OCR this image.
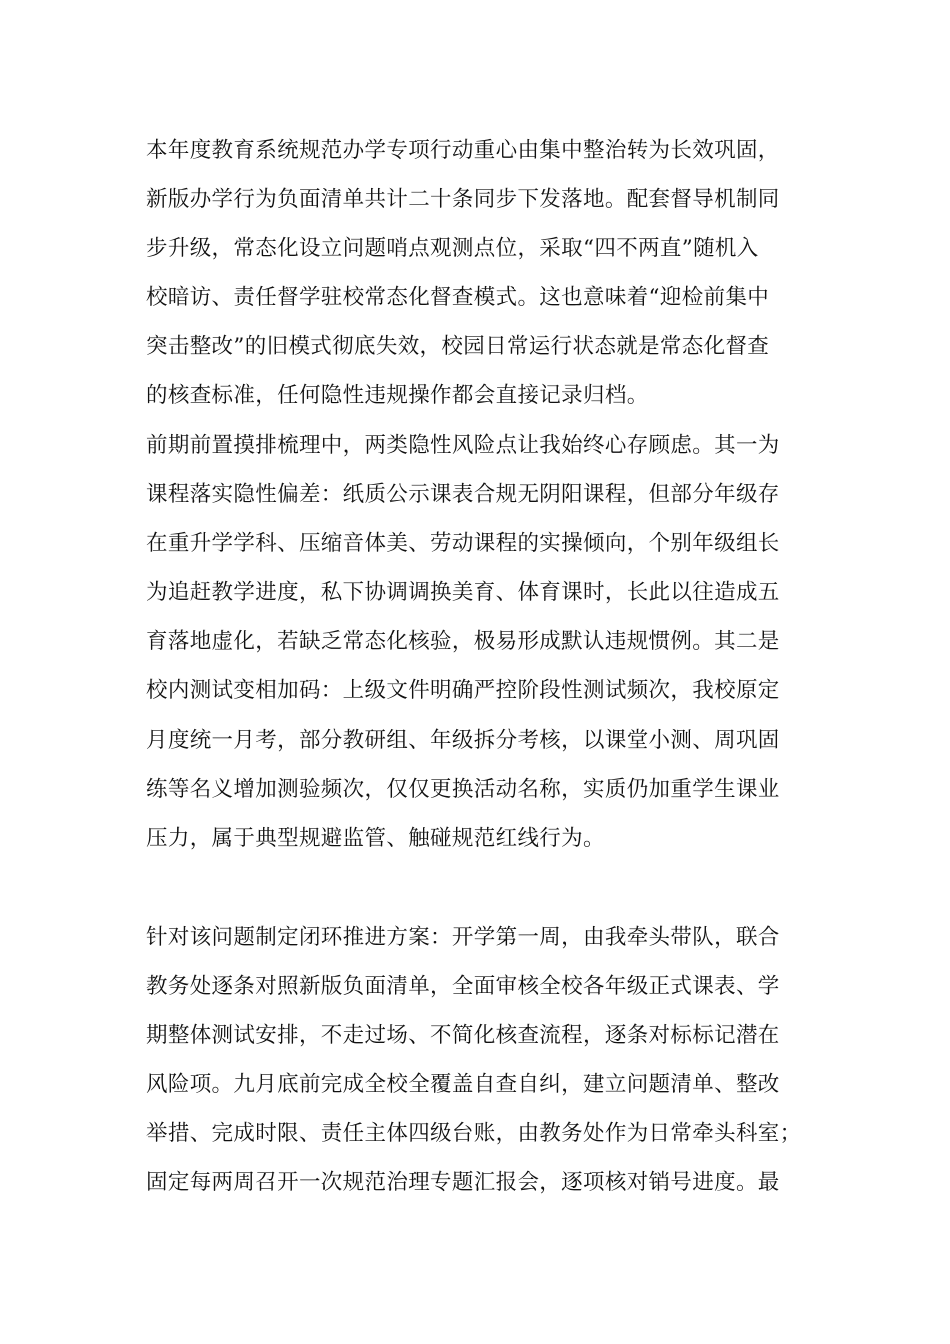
本年度教育系统规范办学专项行动重心由集中整治转为长效巩固，
新版办学行为负面清单共计二十条同步下发落地。配套督导机制同
步升级，常态化设立问题哨点观测点位，采取“四不两直”随机入
校暗访、责任督学驻校常态化督查模式。这也意味着“迎检前集中
突击整改”的旧模式彻底失效，校园日常运行状态就是常态化督查
的核查标准，任何隐性违规操作都会直接记录归档。
前期前置摸排梳理中，两类隐性风险点让我始终心存顾虑。其一为
课程落实隐性偏差：纸质公示课表合规无阴阳课程，但部分年级存
在重升学学科、压缩音体美、劳动课程的实操倾向，个别年级组长
为追赶教学进度，私下协调调换美育、体育课时，长此以往造成五
育落地虚化，若缺乏常态化核验，极易形成默认违规惯例。其二是
校内测试变相加码：上级文件明确严控阶段性测试频次，我校原定
月度统一月考，部分教研组、年级拆分考核，以课堂小测、周巩固
练等名义增加测验频次，仅仅更换活动名称，实质仍加重学生课业
压力，属于典型规避监管、触碰规范红线行为。
针对该问题制定闭环推进方案：开学第一周，由我牵头带队，联合
教务处逐条对照新版负面清单，全面审核全校各年级正式课表、学
期整体测试安排，不走过场、不简化核查流程，逐条对标标记潜在
风险项。九月底前完成全校全覆盖自查自纠，建立问题清单、整改
举措、完成时限、责任主体四级台账，由教务处作为日常牵头科室；
固定每两周召开一次规范治理专题汇报会，逐项核对销号进度。最
